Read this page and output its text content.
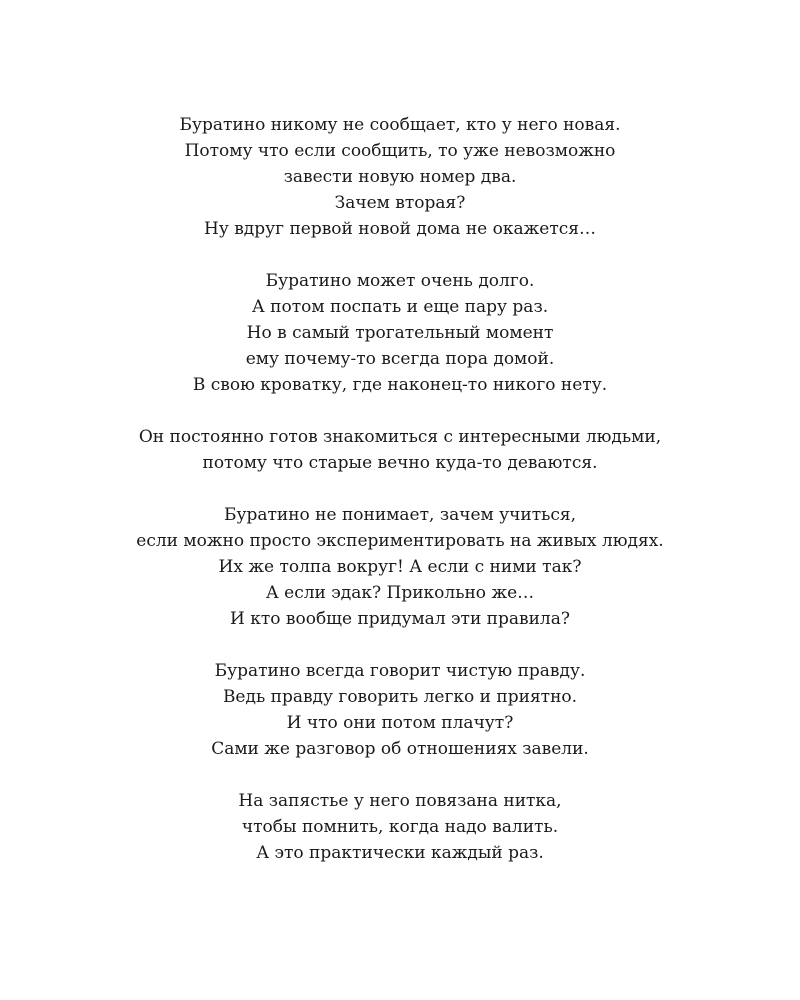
Буратино никому не сообщает, кто у него новая.
Потому что если сообщить, то уже невозможно
завести новую номер два.
Зачем вторая?
Ну вдруг первой новой дома не окажется…
Буратино может очень долго.
А потом поспать и еще пару раз.
Но в самый трогательный момент
ему почему-то всегда пора домой.
В свою кроватку, где наконец-то никого нету.
Он постоянно готов знакомиться с интересными людьми,
потому что старые вечно куда-то деваются.
Буратино не понимает, зачем учиться,
если можно просто экспериментировать на живых людях.
Их же толпа вокруг! А если с ними так?
А если эдак? Прикольно же…
И кто вообще придумал эти правила?
Буратино всегда говорит чистую правду.
Ведь правду говорить легко и приятно.
И что они потом плачут?
Сами же разговор об отношениях завели.
На запястье у него повязана нитка,
чтобы помнить, когда надо валить.
А это практически каждый раз.
